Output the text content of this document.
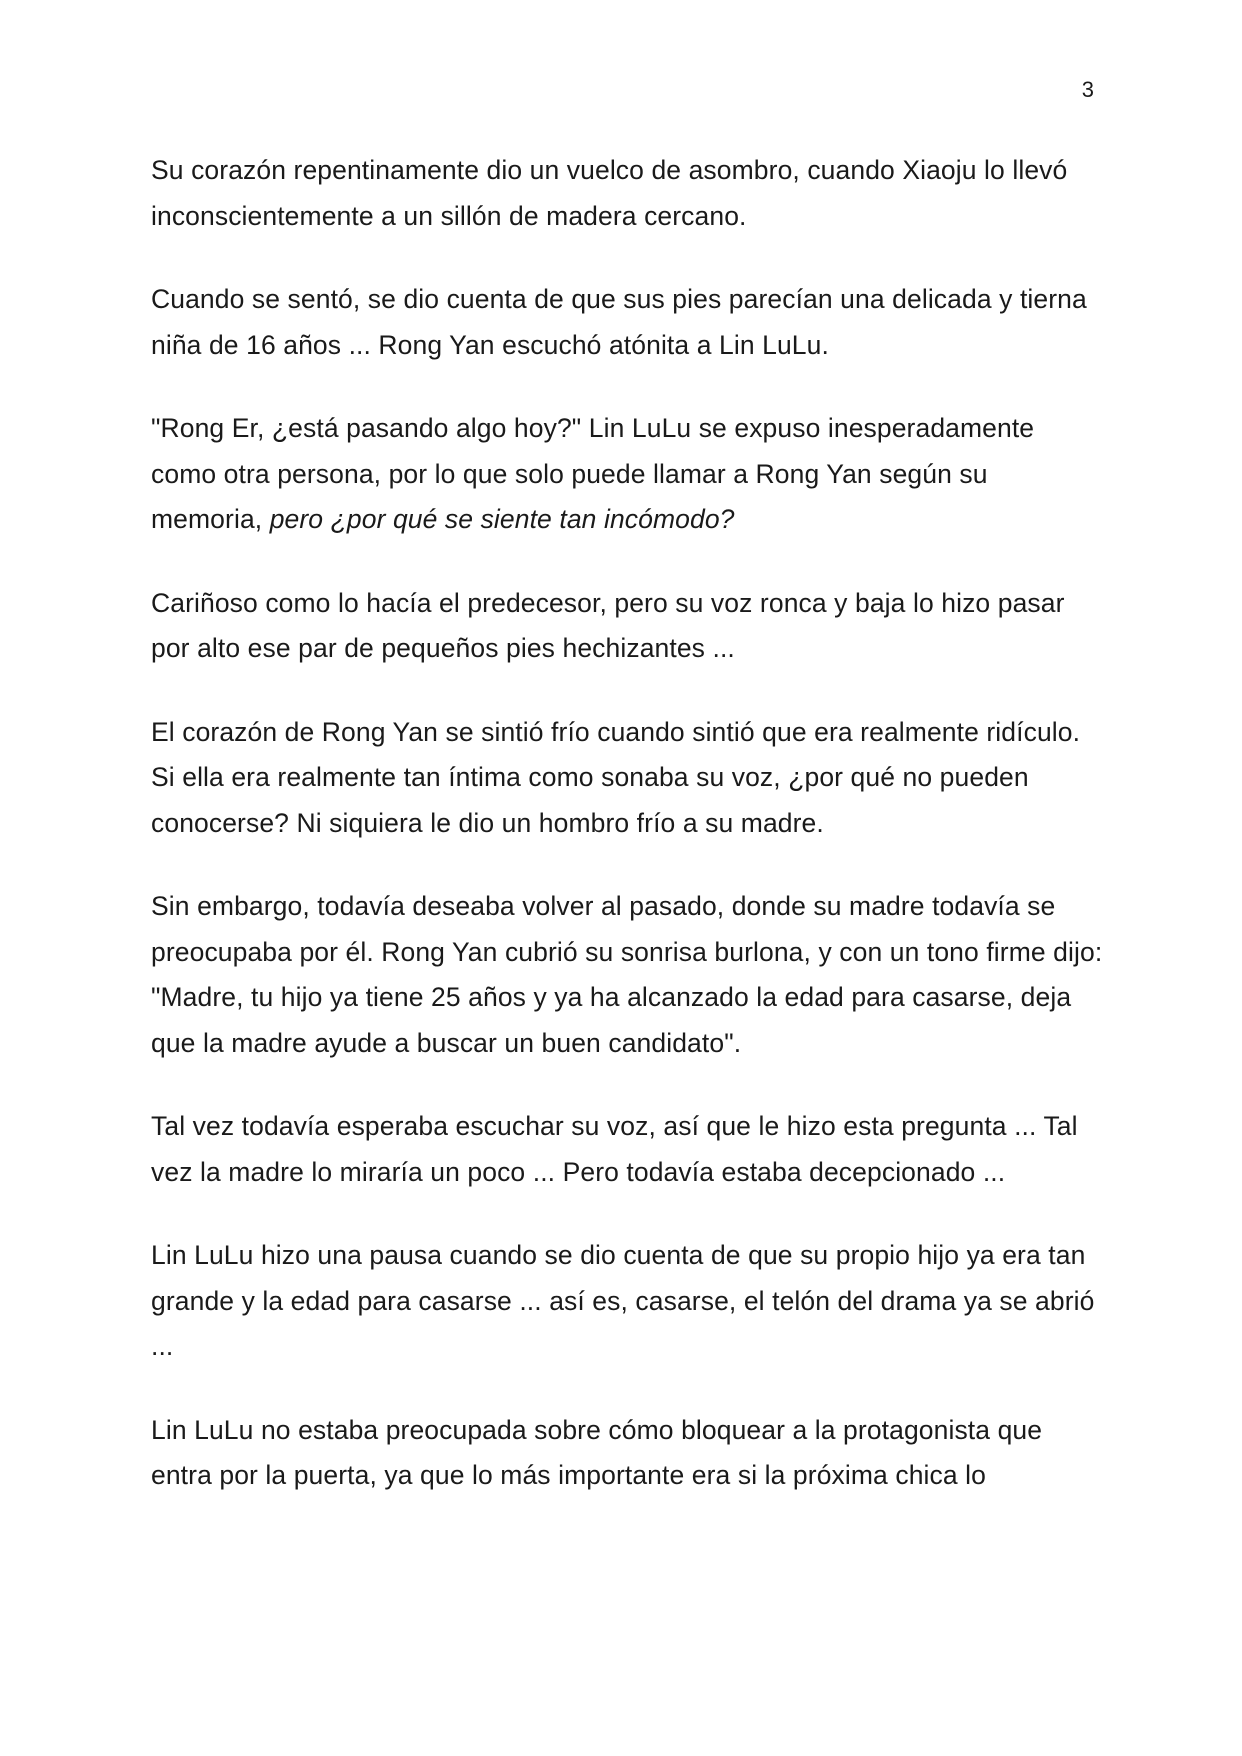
3

Su corazón repentinamente dio un vuelco de asombro, cuando Xiaoju lo llevó inconscientemente a un sillón de madera cercano.

Cuando se sentó, se dio cuenta de que sus pies parecían una delicada y tierna niña de 16 años ... Rong Yan escuchó atónita a Lin LuLu.

"Rong Er, ¿está pasando algo hoy?" Lin LuLu se expuso inesperadamente como otra persona, por lo que solo puede llamar a Rong Yan según su memoria, pero ¿por qué se siente tan incómodo?

Cariñoso como lo hacía el predecesor, pero su voz ronca y baja lo hizo pasar por alto ese par de pequeños pies hechizantes ...

El corazón de Rong Yan se sintió frío cuando sintió que era realmente ridículo. Si ella era realmente tan íntima como sonaba su voz, ¿por qué no pueden conocerse? Ni siquiera le dio un hombro frío a su madre.

Sin embargo, todavía deseaba volver al pasado, donde su madre todavía se preocupaba por él. Rong Yan cubrió su sonrisa burlona, y con un tono firme dijo: "Madre, tu hijo ya tiene 25 años y ya ha alcanzado la edad para casarse, deja que la madre ayude a buscar un buen candidato".

Tal vez todavía esperaba escuchar su voz, así que le hizo esta pregunta ... Tal vez la madre lo miraría un poco ... Pero todavía estaba decepcionado ...

Lin LuLu hizo una pausa cuando se dio cuenta de que su propio hijo ya era tan grande y la edad para casarse ... así es, casarse, el telón del drama ya se abrió ...

Lin LuLu no estaba preocupada sobre cómo bloquear a la protagonista que entra por la puerta, ya que lo más importante era si la próxima chica lo
